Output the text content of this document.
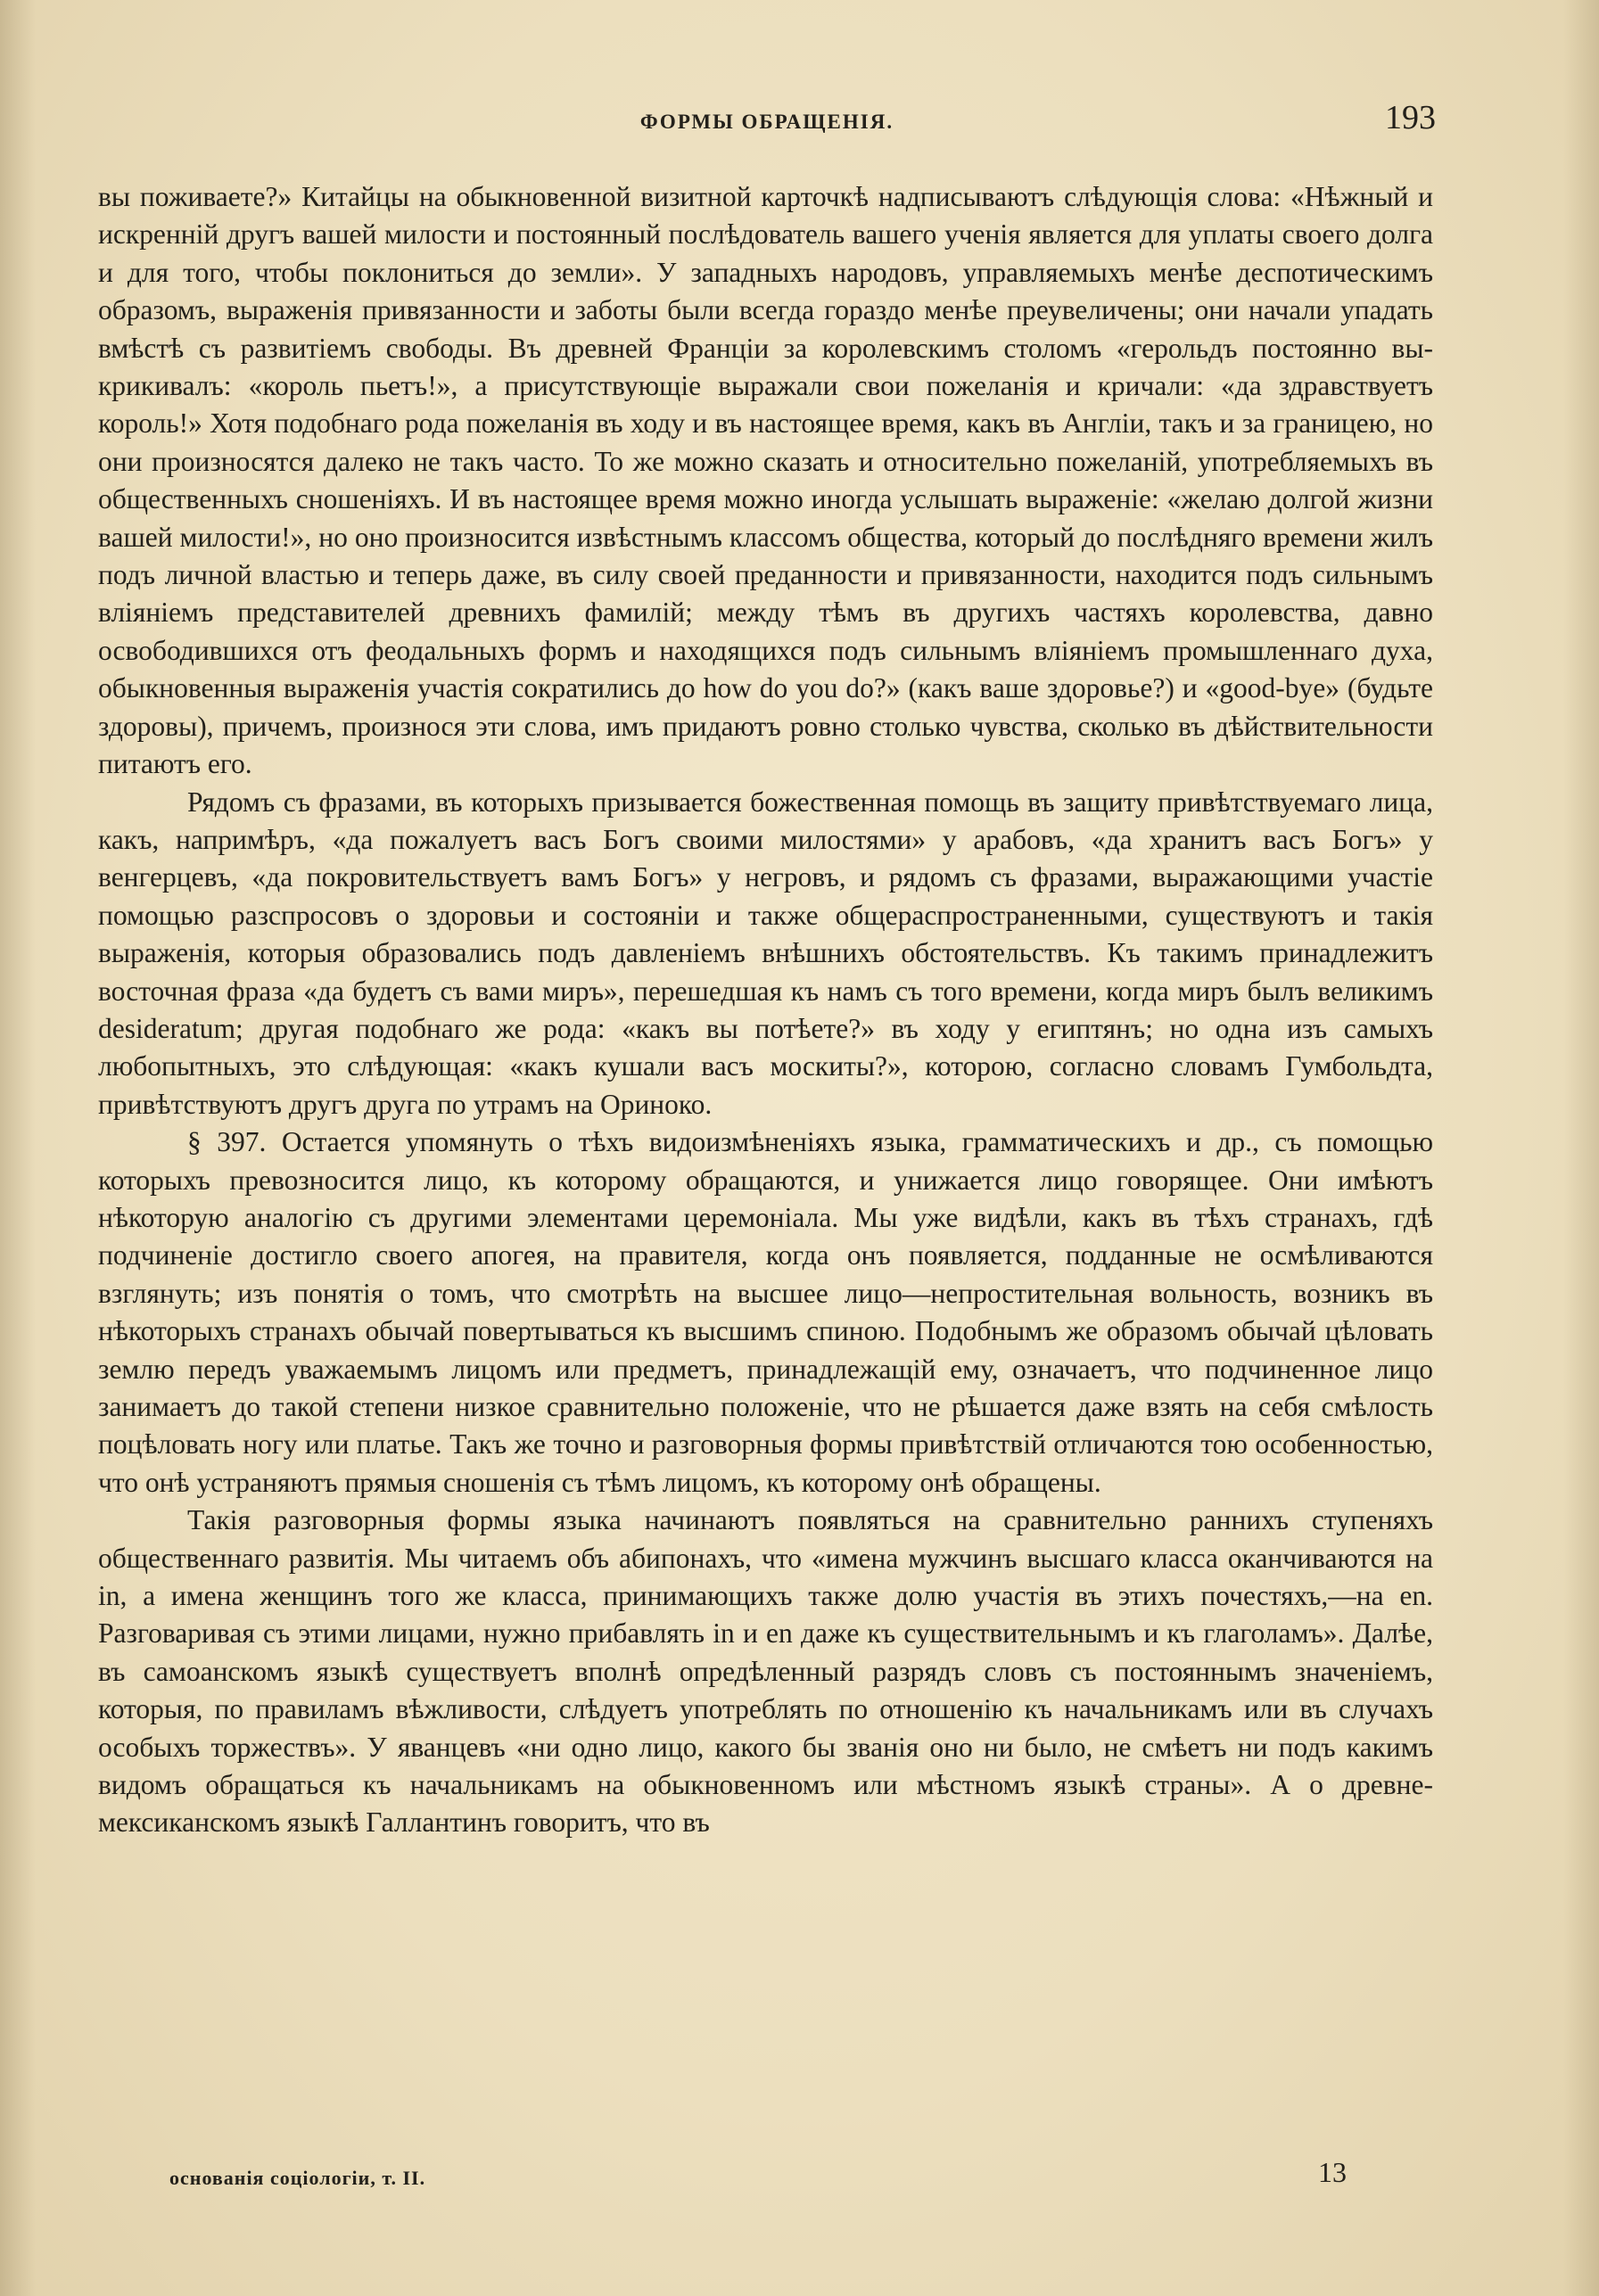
ФОРМЫ ОБРАЩЕНІЯ.	193

вы поживаете?» Китайцы на обыкновенной визитной карточкѣ надписываютъ слѣдующія слова: «Нѣжный и искренній другъ вашей милости и постоянный послѣдователь вашего ученія является для уплаты своего долга и для того, чтобы поклониться до земли». У западныхъ народовъ, управляемыхъ менѣе деспотическимъ образомъ, выраженія привязанности и заботы были всегда гораздо менѣе преувеличены; они начали упадать вмѣстѣ съ развитіемъ свободы. Въ древней Франціи за королевскимъ столомъ «герольдъ постоянно выкрикивалъ: «король пьетъ!», а присутствующіе выражали свои пожеланія и кричали: «да здравствуетъ король!» Хотя подобнаго рода пожеланія въ ходу и въ настоящее время, какъ въ Англіи, такъ и за границею, но они произносятся далеко не такъ часто. То же можно сказать и относительно пожеланій, употребляемыхъ въ общественныхъ сношеніяхъ. И въ настоящее время можно иногда услышать выраженіе: «желаю долгой жизни вашей милости!», но оно произносится извѣстнымъ классомъ общества, который до послѣдняго времени жилъ подъ личной властью и теперь даже, въ силу своей преданности и привязанности, находится подъ сильнымъ вліяніемъ представителей древнихъ фамилій; между тѣмъ въ другихъ частяхъ королевства, давно освободившихся отъ феодальныхъ формъ и находящихся подъ сильнымъ вліяніемъ промышленнаго духа, обыкновенныя выраженія участія сократились до how do you do?» (какъ ваше здоровье?) и «good-bye» (будьте здоровы), причемъ, произнося эти слова, имъ придаютъ ровно столько чувства, сколько въ дѣйствительности питаютъ его.

Рядомъ съ фразами, въ которыхъ призывается божественная помощь въ защиту привѣтствуемаго лица, какъ, напримѣръ, «да пожалуетъ васъ Богъ своими милостями» у арабовъ, «да хранитъ васъ Богъ» у венгерцевъ, «да покровительствуетъ вамъ Богъ» у негровъ, и рядомъ съ фразами, выражающими участіе помощью разспросовъ о здоровьи и состояніи и также общераспространенными, существуютъ и такія выраженія, которыя образовались подъ давленіемъ внѣшнихъ обстоятельствъ. Къ такимъ принадлежитъ восточная фраза «да будетъ съ вами миръ», перешедшая къ намъ съ того времени, когда миръ былъ великимъ desideratum; другая подобнаго же рода: «какъ вы потѣете?» въ ходу у египтянъ; но одна изъ самыхъ любопытныхъ, это слѣдующая: «какъ кушали васъ москиты?», которою, согласно словамъ Гумбольдта, привѣтствуютъ другъ друга по утрамъ на Ориноко.

§ 397. Остается упомянуть о тѣхъ видоизмѣненіяхъ языка, грамматическихъ и др., съ помощью которыхъ превозносится лицо, къ которому обращаются, и унижается лицо говорящее. Они имѣютъ нѣкоторую аналогію съ другими элементами церемоніала. Мы уже видѣли, какъ въ тѣхъ странахъ, гдѣ подчиненіе достигло своего апогея, на правителя, когда онъ появляется, подданные не осмѣливаются взглянуть; изъ понятія о томъ, что смотрѣть на высшее лицо—непростительная вольность, возникъ въ нѣкоторыхъ странахъ обычай повертываться къ высшимъ спиною. Подобнымъ же образомъ обычай цѣловать землю передъ уважаемымъ лицомъ или предметъ, принадлежащій ему, означаетъ, что подчиненное лицо занимаетъ до такой степени низкое сравнительно положеніе, что не рѣшается даже взять на себя смѣлость поцѣловать ногу или платье. Такъ же точно и разговорныя формы привѣтствій отличаются тою особенностью, что онѣ устраняютъ прямыя сношенія съ тѣмъ лицомъ, къ которому онѣ обращены.

Такія разговорныя формы языка начинаютъ появляться на сравнительно раннихъ ступеняхъ общественнаго развитія. Мы читаемъ объ абипонахъ, что «имена мужчинъ высшаго класса оканчиваются на in, а имена женщинъ того же класса, принимающихъ также долю участія въ этихъ почестяхъ,—на en. Разговаривая съ этими лицами, нужно прибавлять in и en даже къ существительнымъ и къ глаголамъ». Далѣе, въ самоанскомъ языкѣ существуетъ вполнѣ опредѣленный разрядъ словъ съ постояннымъ значеніемъ, которыя, по правиламъ вѣжливости, слѣдуетъ употреблять по отношенію къ начальникамъ или въ случахъ особыхъ торжествъ». У яванцевъ «ни одно лицо, какого бы званія оно ни было, не смѣетъ ни подъ какимъ видомъ обращаться къ начальникамъ на обыкновенномъ или мѣстномъ языкѣ страны». А о древне-мексиканскомъ языкѣ Галлантинъ говоритъ, что въ

основанія соціологіи, т. II.	13
